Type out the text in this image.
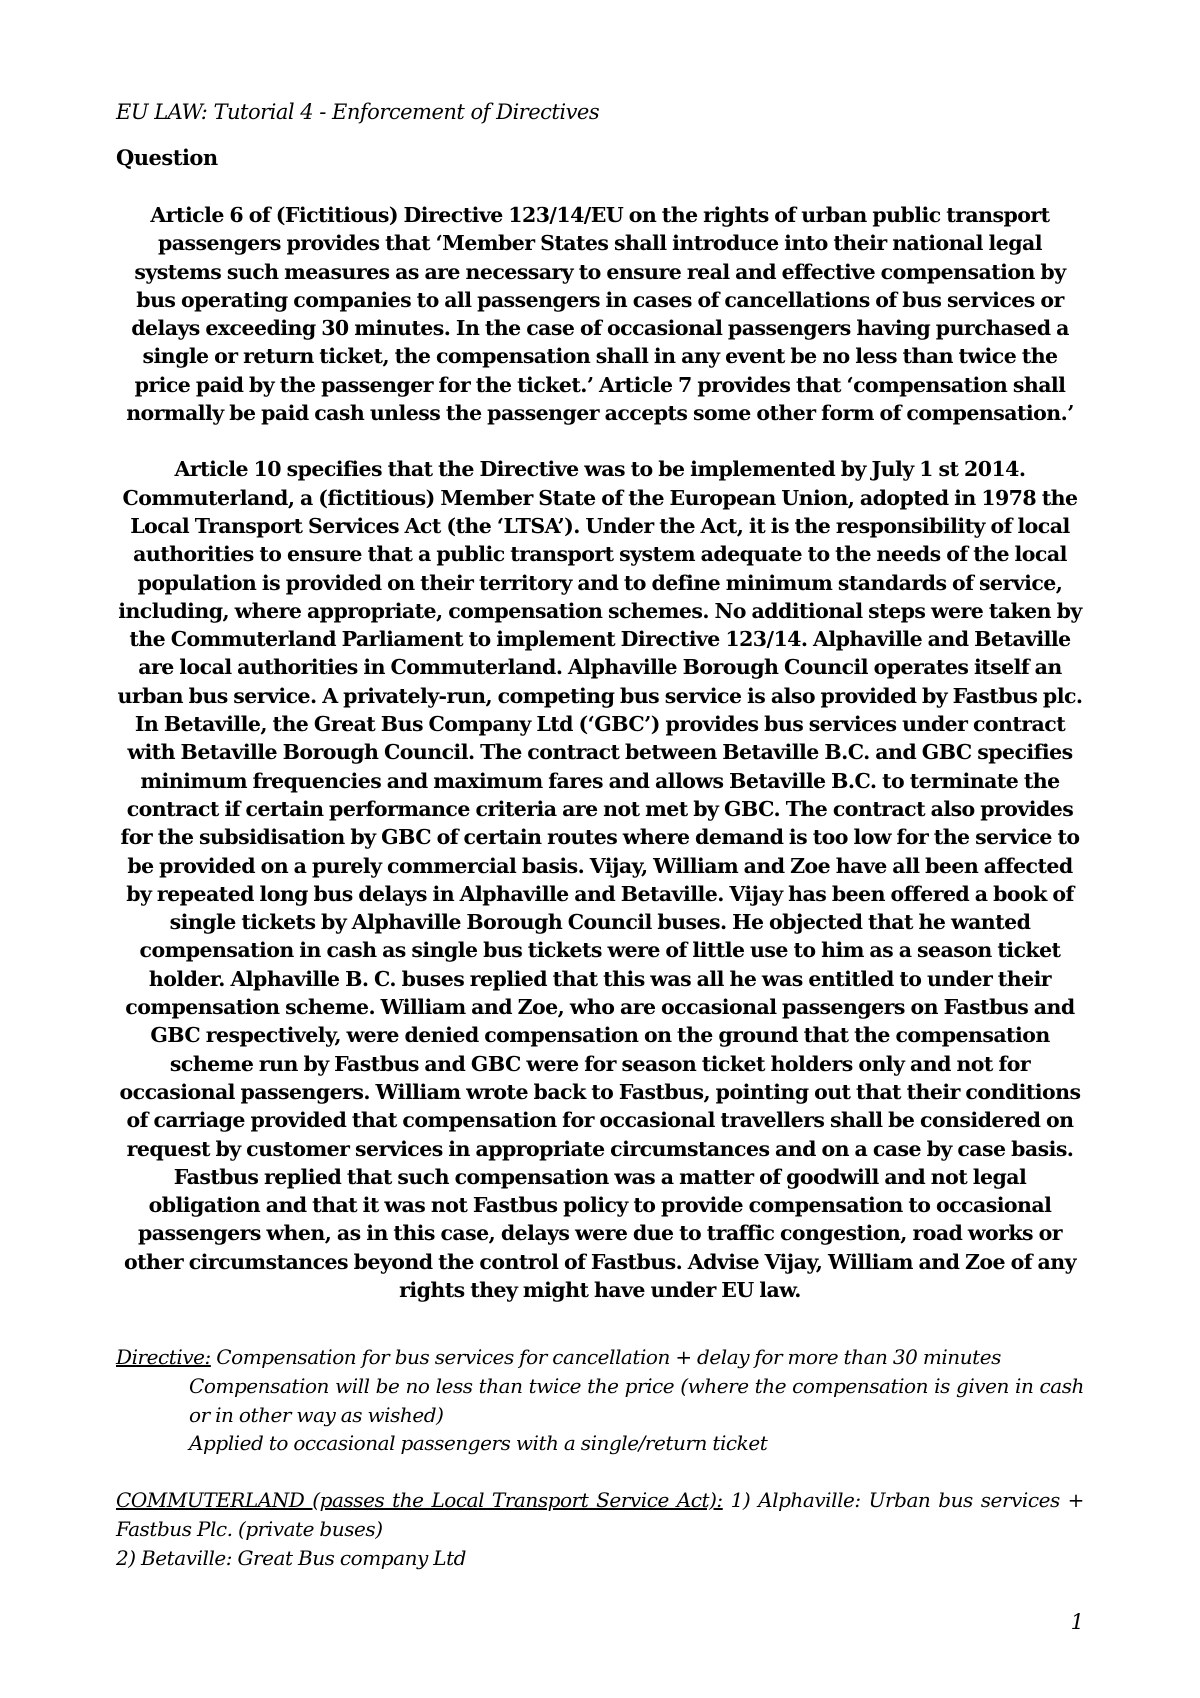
EU LAW: Tutorial 4 - Enforcement of Directives
Question

Article 6 of (Fictitious) Directive 123/14/EU on the rights of urban public transport passengers provides that ‘Member States shall introduce into their national legal systems such measures as are necessary to ensure real and effective compensation by bus operating companies to all passengers in cases of cancellations of bus services or delays exceeding 30 minutes. In the case of occasional passengers having purchased a single or return ticket, the compensation shall in any event be no less than twice the price paid by the passenger for the ticket.’ Article 7 provides that ‘compensation shall normally be paid cash unless the passenger accepts some other form of compensation.’

Article 10 specifies that the Directive was to be implemented by July 1 st 2014. Commuterland, a (fictitious) Member State of the European Union, adopted in 1978 the Local Transport Services Act (the ‘LTSA’). Under the Act, it is the responsibility of local authorities to ensure that a public transport system adequate to the needs of the local population is provided on their territory and to define minimum standards of service, including, where appropriate, compensation schemes. No additional steps were taken by the Commuterland Parliament to implement Directive 123/14. Alphaville and Betaville are local authorities in Commuterland. Alphaville Borough Council operates itself an urban bus service. A privately-run, competing bus service is also provided by Fastbus plc. In Betaville, the Great Bus Company Ltd (‘GBC’) provides bus services under contract with Betaville Borough Council. The contract between Betaville B.C. and GBC specifies minimum frequencies and maximum fares and allows Betaville B.C. to terminate the contract if certain performance criteria are not met by GBC. The contract also provides for the subsidisation by GBC of certain routes where demand is too low for the service to be provided on a purely commercial basis. Vijay, William and Zoe have all been affected by repeated long bus delays in Alphaville and Betaville. Vijay has been offered a book of single tickets by Alphaville Borough Council buses. He objected that he wanted compensation in cash as single bus tickets were of little use to him as a season ticket holder. Alphaville B. C. buses replied that this was all he was entitled to under their compensation scheme. William and Zoe, who are occasional passengers on Fastbus and GBC respectively, were denied compensation on the ground that the compensation scheme run by Fastbus and GBC were for season ticket holders only and not for occasional passengers. William wrote back to Fastbus, pointing out that their conditions of carriage provided that compensation for occasional travellers shall be considered on request by customer services in appropriate circumstances and on a case by case basis. Fastbus replied that such compensation was a matter of goodwill and not legal obligation and that it was not Fastbus policy to provide compensation to occasional passengers when, as in this case, delays were due to traffic congestion, road works or other circumstances beyond the control of Fastbus. Advise Vijay, William and Zoe of any rights they might have under EU law.

Directive: Compensation for bus services for cancellation + delay for more than 30 minutes

Compensation will be no less than twice the price (where the compensation is given in cash or in other way as wished)

Applied to occasional passengers with a single/return ticket

COMMUTERLAND (passes the Local Transport Service Act): 1) Alphaville: Urban bus services + Fastbus Plc. (private buses)

2) Betaville: Great Bus company Ltd

1
